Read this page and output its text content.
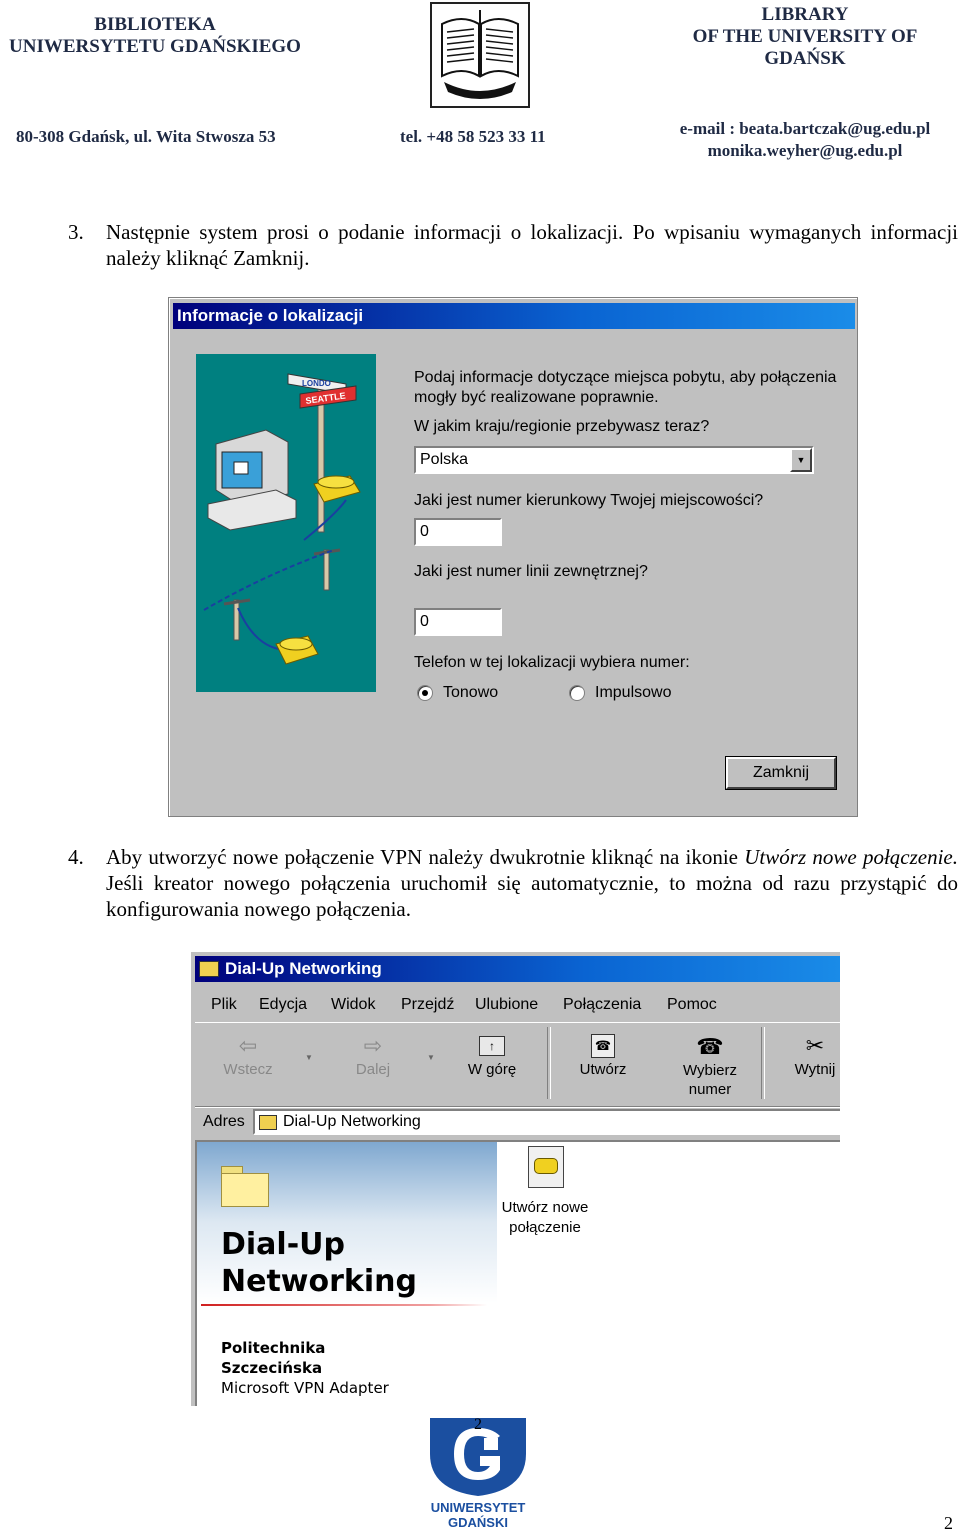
BIBLIOTEKA
UNIWERSYTETU GDAŃSKIEGO
LIBRARY
OF THE UNIVERSITY OF
GDAŃSK
80-308 Gdańsk, ul. Wita Stwosza 53	tel. +48 58 523 33 11	e-mail : beata.bartczak@ug.edu.pl
monika.weyher@ug.edu.pl
3. Następnie system prosi o podanie informacji o lokalizacji. Po wpisaniu wymaganych informacji należy kliknąć Zamknij.
Informacje o lokalizacji
LONDO
SEATTLE
Podaj informacje dotyczące miejsca pobytu, aby połączenia mogły być realizowane poprawnie.
W jakim kraju/regionie przebywasz teraz?
Polska	▼
Jaki jest numer kierunkowy Twojej miejscowości?
0
Jaki jest numer linii zewnętrznej?
0
Telefon w tej lokalizacji wybiera numer:
Tonowo	Impulsowo
Zamknij
4. Aby utworzyć nowe połączenie VPN należy dwukrotnie kliknąć na ikonie Utwórz nowe połączenie. Jeśli kreator nowego połączenia uruchomił się automatycznie, to można od razu przystąpić do konfigurowania nowego połączenia.
Dial-Up Networking
Plik Edycja Widok Przejdź Ulubione Połączenia Pomoc
⇦
Wstecz
▼	⇨
Dalej
▼
↑
W górę
☎
Utwórz
☎
Wybierz
numer
✂
Wytnij
Adres Dial-Up Networking
Dial-Up
Networking
Politechnika
Szczecińska
Microsoft VPN Adapter
Utwórz nowe
połączenie
2
UNIWERSYTET GDAŃSKI	2
